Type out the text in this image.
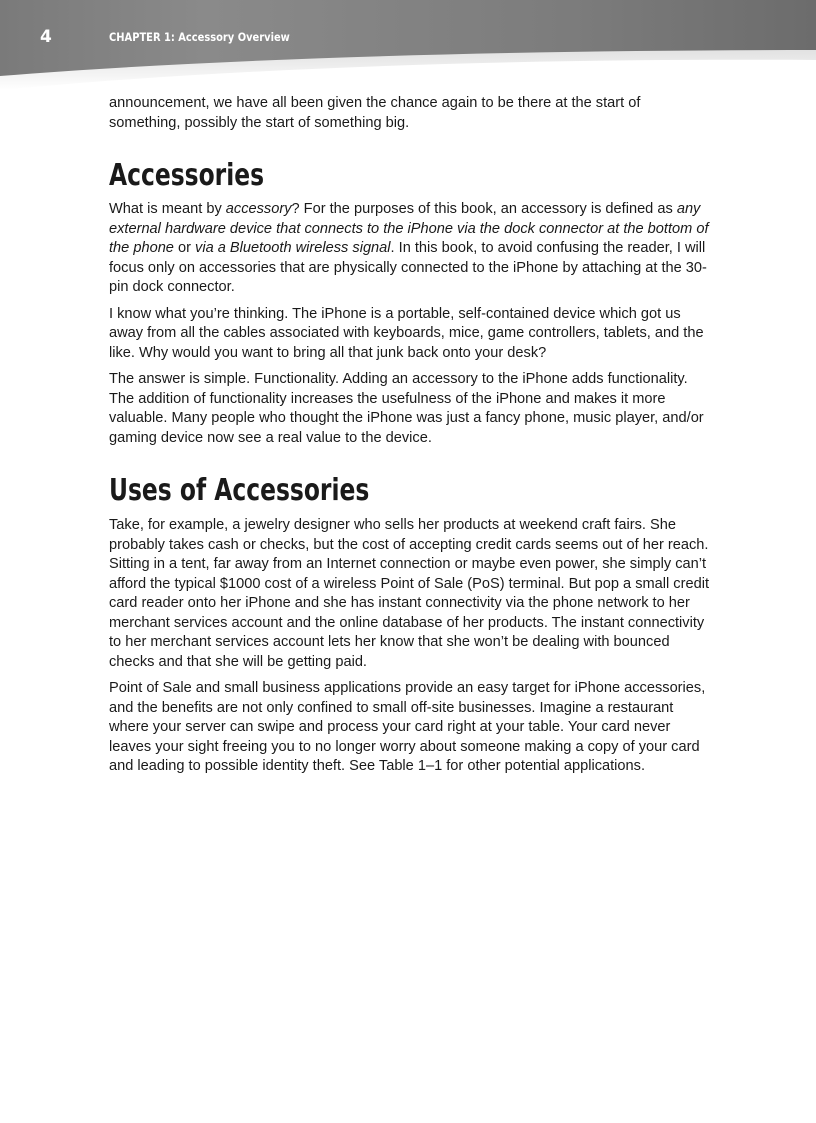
4	CHAPTER 1: Accessory Overview

announcement, we have all been given the chance again to be there at the start of something, possibly the start of something big.

Accessories

What is meant by accessory? For the purposes of this book, an accessory is defined as any external hardware device that connects to the iPhone via the dock connector at the bottom of the phone or via a Bluetooth wireless signal. In this book, to avoid confusing the reader, I will focus only on accessories that are physically connected to the iPhone by attaching at the 30-pin dock connector.

I know what you’re thinking. The iPhone is a portable, self-contained device which got us away from all the cables associated with keyboards, mice, game controllers, tablets, and the like. Why would you want to bring all that junk back onto your desk?

The answer is simple. Functionality. Adding an accessory to the iPhone adds functionality. The addition of functionality increases the usefulness of the iPhone and makes it more valuable. Many people who thought the iPhone was just a fancy phone, music player, and/or gaming device now see a real value to the device.

Uses of Accessories

Take, for example, a jewelry designer who sells her products at weekend craft fairs. She probably takes cash or checks, but the cost of accepting credit cards seems out of her reach. Sitting in a tent, far away from an Internet connection or maybe even power, she simply can’t afford the typical $1000 cost of a wireless Point of Sale (PoS) terminal. But pop a small credit card reader onto her iPhone and she has instant connectivity via the phone network to her merchant services account and the online database of her products. The instant connectivity to her merchant services account lets her know that she won’t be dealing with bounced checks and that she will be getting paid.

Point of Sale and small business applications provide an easy target for iPhone accessories, and the benefits are not only confined to small off-site businesses. Imagine a restaurant where your server can swipe and process your card right at your table. Your card never leaves your sight freeing you to no longer worry about someone making a copy of your card and leading to possible identity theft. See Table 1–1 for other potential applications.
